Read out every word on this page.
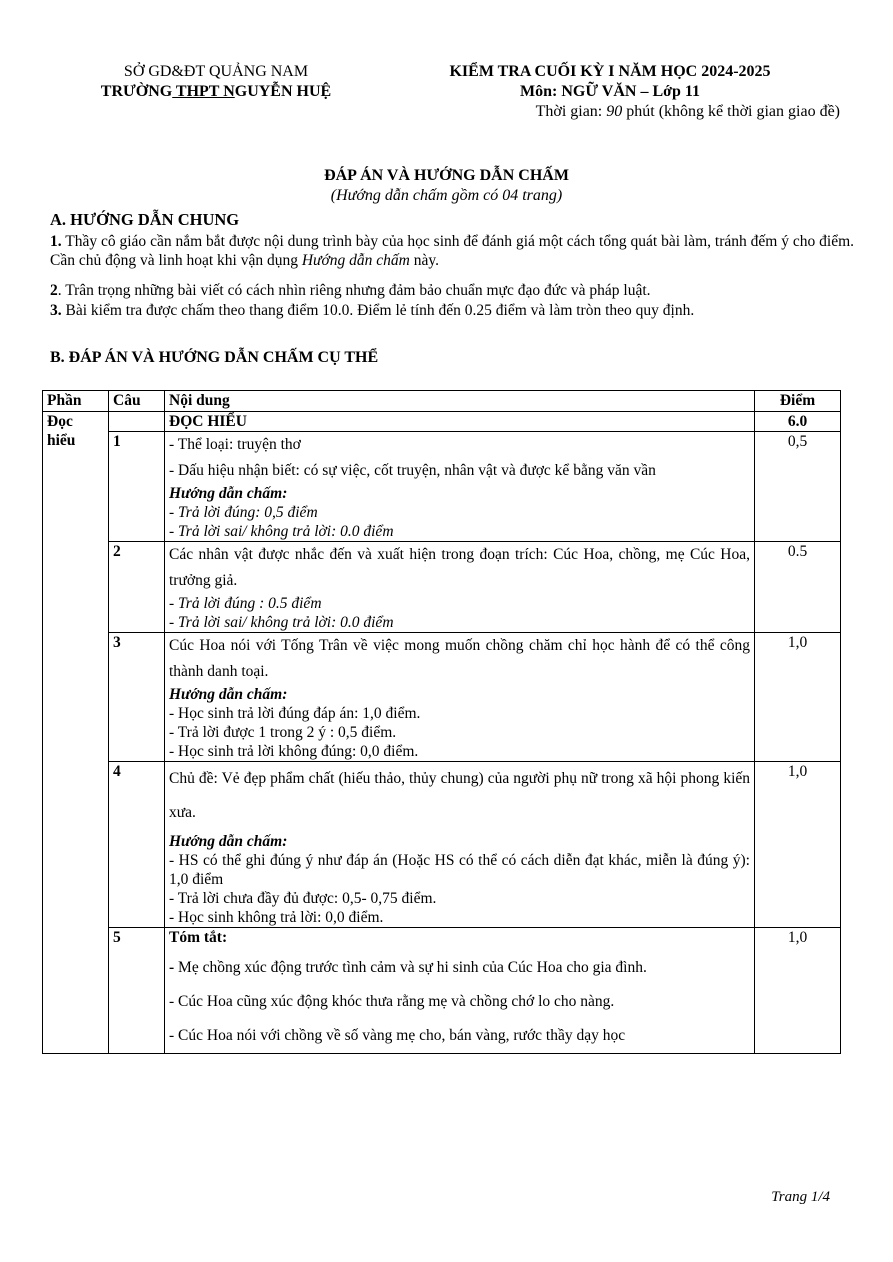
SỞ GD&ĐT QUẢNG NAM
TRƯỜNG THPT NGUYỄN HUỆ
KIỂM TRA CUỐI KỲ I NĂM HỌC 2024-2025
Môn: NGỮ VĂN – Lớp 11
Thời gian: 90 phút (không kể thời gian giao đề)
ĐÁP ÁN VÀ HƯỚNG DẪN CHẤM
(Hướng dẫn chấm gồm có 04 trang)
A. HƯỚNG DẪN CHUNG
1. Thầy cô giáo cần nắm bắt được nội dung trình bày của học sinh để đánh giá một cách tổng quát bài làm, tránh đếm ý cho điểm. Cần chủ động và linh hoạt khi vận dụng Hướng dẫn chấm này.
2. Trân trọng những bài viết có cách nhìn riêng nhưng đảm bảo chuẩn mực đạo đức và pháp luật.
3. Bài kiểm tra được chấm theo thang điểm 10.0. Điểm lẻ tính đến 0.25 điểm và làm tròn theo quy định.
B. ĐÁP ÁN VÀ HƯỚNG DẪN CHẤM CỤ THỂ
Phần	Câu	Nội dung	Điểm
Đọc hiểu		ĐỌC HIỂU	6.0
	1	- Thể loại: truyện thơ
- Dấu hiệu nhận biết: có sự việc, cốt truyện, nhân vật và được kể bằng văn vần
Hướng dẫn chấm:
- Trả lời đúng: 0,5 điểm
- Trả lời sai/ không trả lời: 0.0 điểm	0,5
	2	Các nhân vật được nhắc đến và xuất hiện trong đoạn trích: Cúc Hoa, chồng, mẹ Cúc Hoa, trưởng giả.
- Trả lời đúng : 0.5 điểm
- Trả lời sai/ không trả lời: 0.0 điểm	0.5
	3	Cúc Hoa nói với Tống Trân về việc mong muốn chồng chăm chỉ học hành để có thể công thành danh toại.
Hướng dẫn chấm:
- Học sinh trả lời đúng đáp án: 1,0 điểm.
- Trả lời được 1 trong 2 ý : 0,5 điểm.
- Học sinh trả lời không đúng: 0,0 điểm.	1,0
	4	Chủ đề: Vẻ đẹp phẩm chất (hiếu thảo, thủy chung) của người phụ nữ trong xã hội phong kiến xưa.
Hướng dẫn chấm:
- HS có thể ghi đúng ý như đáp án (Hoặc HS có thể có cách diễn đạt khác, miễn là đúng ý): 1,0 điểm
- Trả lời chưa đầy đủ được: 0,5- 0,75 điểm.
- Học sinh không trả lời: 0,0 điểm.	1,0
	5	Tóm tắt:
- Mẹ chồng xúc động trước tình cảm và sự hi sinh của Cúc Hoa cho gia đình.
- Cúc Hoa cũng xúc động khóc thưa rằng mẹ và chồng chớ lo cho nàng.
- Cúc Hoa nói với chồng về số vàng mẹ cho, bán vàng, rước thầy dạy học	1,0
Trang 1/4
